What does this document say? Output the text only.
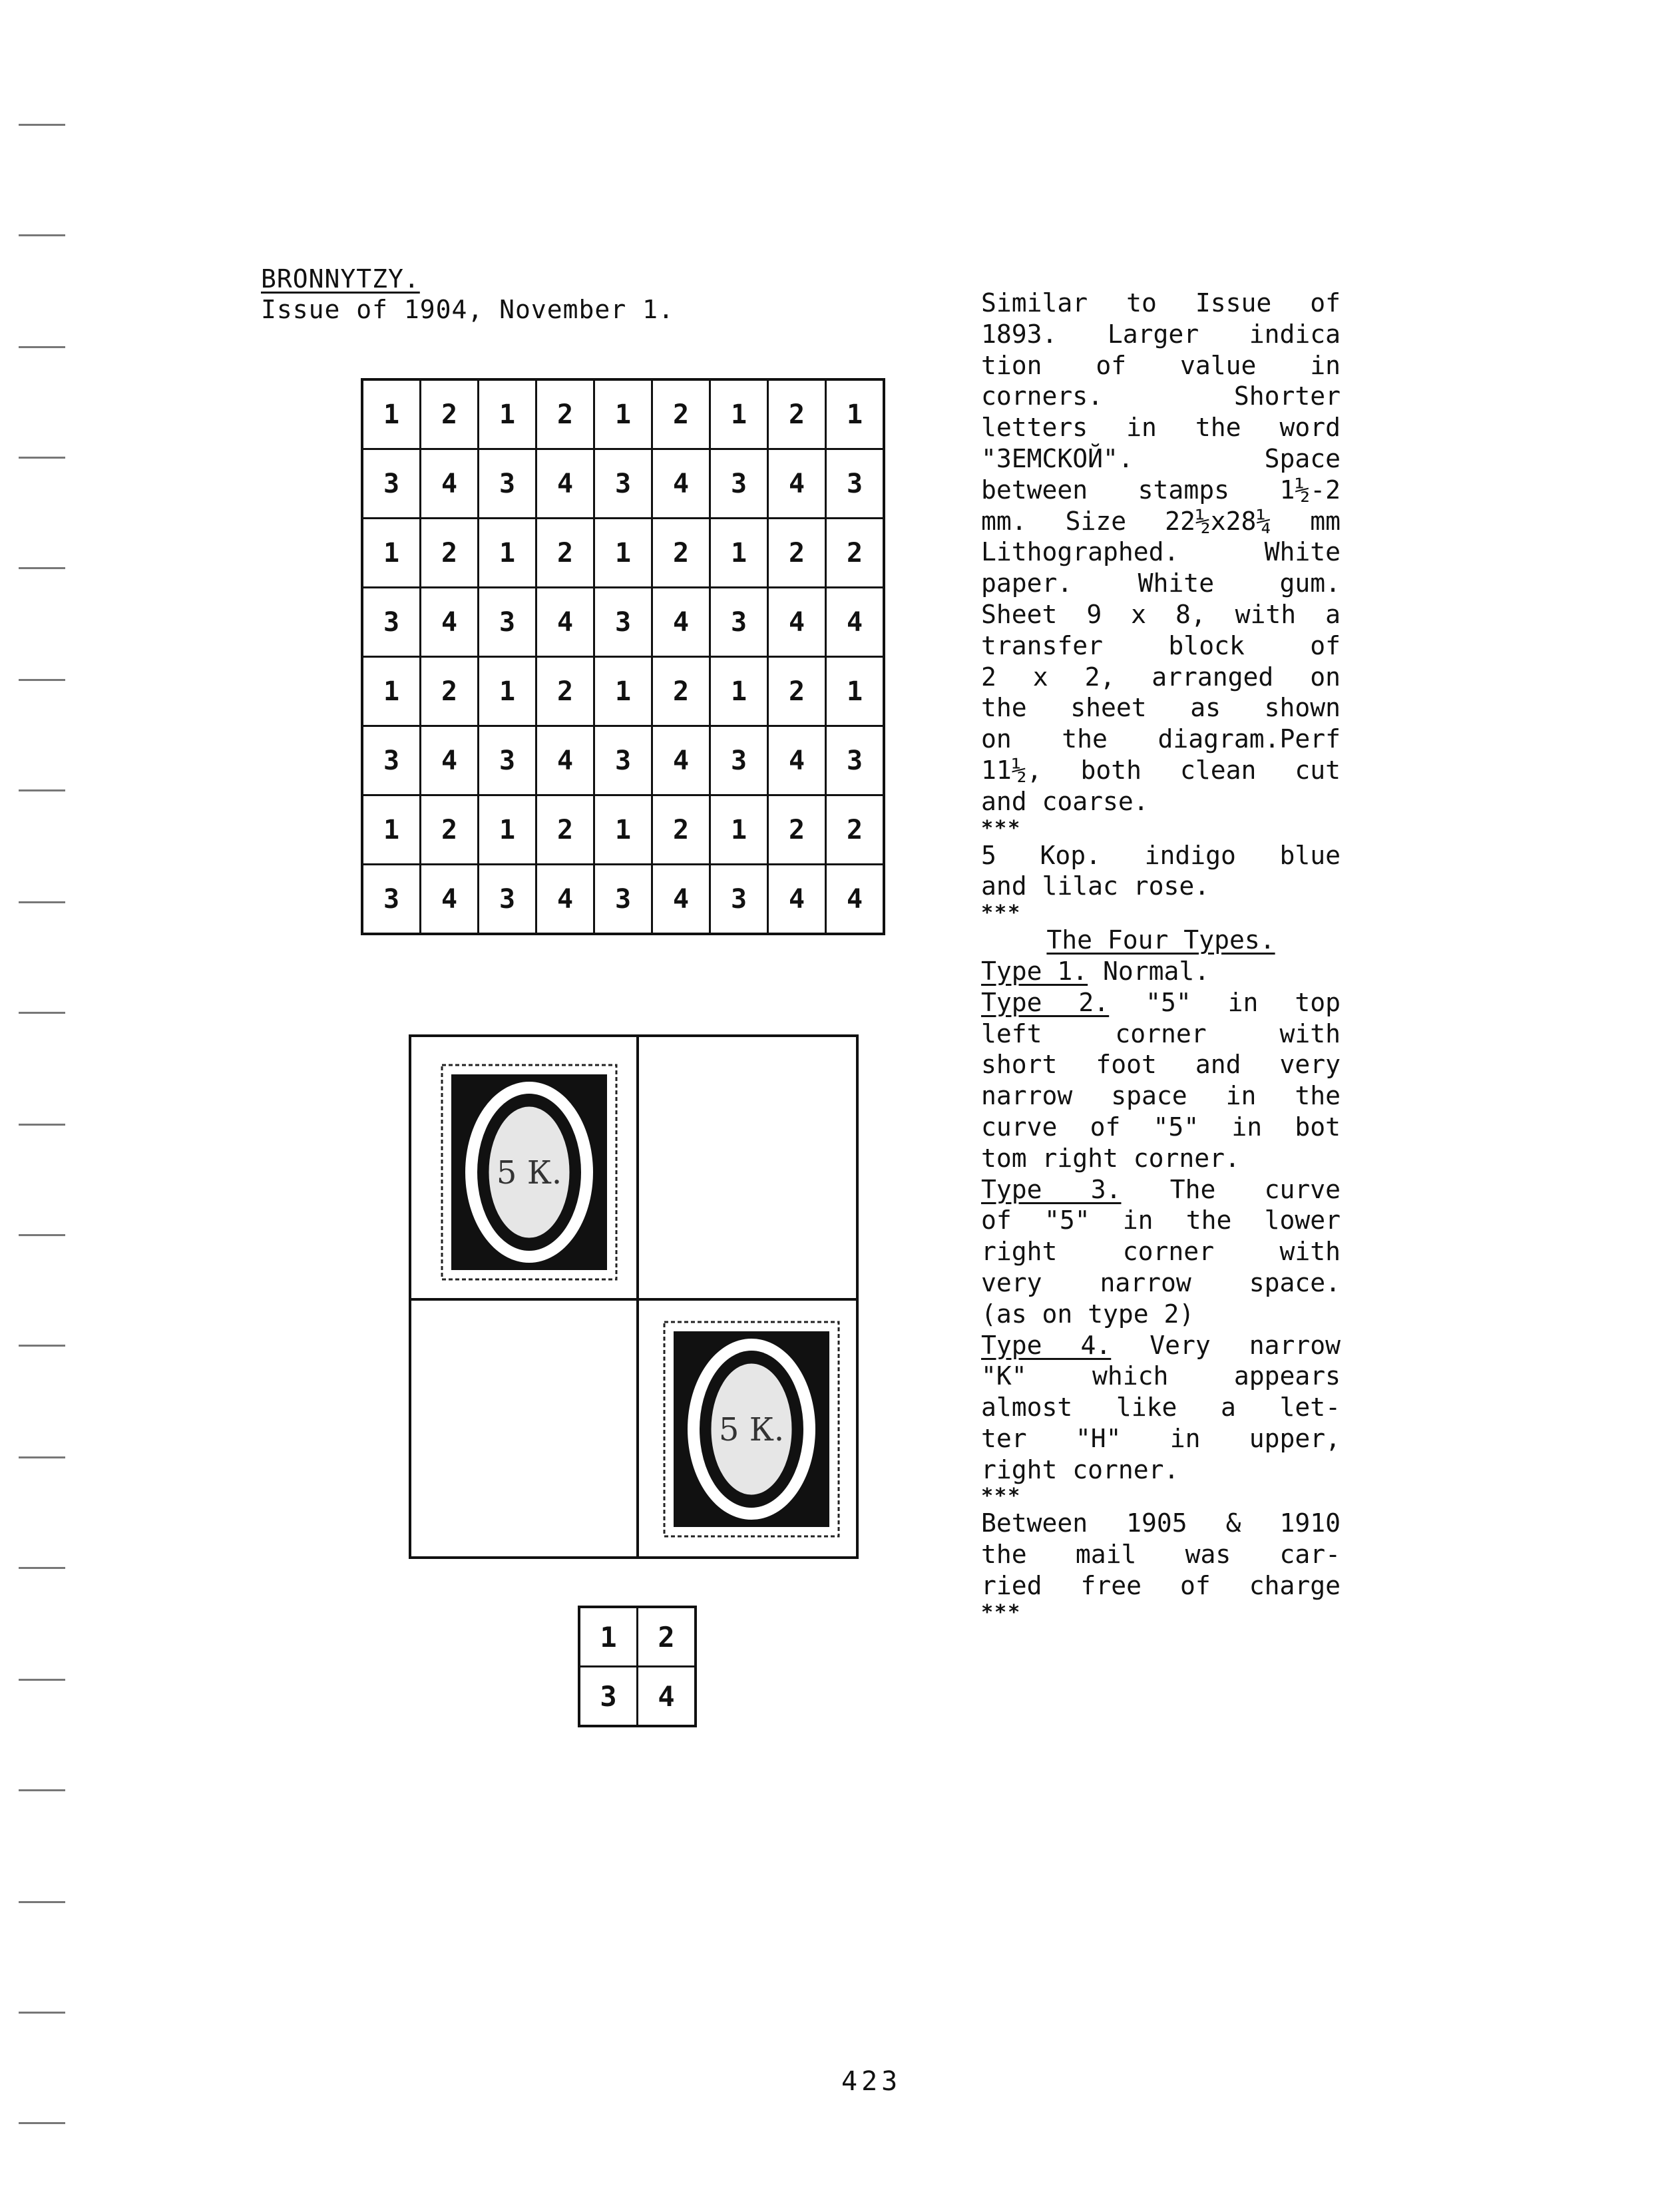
BRONNYTZY.
Issue of 1904, November 1.
1	2	1	2	1	2	1	2	1
3	4	3	4	3	4	3	4	3
1	2	1	2	1	2	1	2	2
3	4	3	4	3	4	3	4	4
1	2	1	2	1	2	1	2	1
3	4	3	4	3	4	3	4	3
1	2	1	2	1	2	1	2	2
3	4	3	4	3	4	3	4	4
5 К.
5 К.
1	2
3	4
Similar to Issue of
1893. Larger indica
tion of value in
corners. Shorter
letters in the word
"ЗЕМСКОЙ". Space
between stamps 1½-2
mm. Size 22½x28¼ mm
Lithographed. White
paper. White gum.
Sheet 9 x 8, with a
transfer block of
2 x 2, arranged on
the sheet as shown
on the diagram.Perf
11½, both clean cut
and coarse.
***
5 Kop. indigo blue
and lilac rose.
***
The Four Types.
Type 1. Normal.
Type 2. "5" in top
left corner with
short foot and very
narrow space in the
curve of "5" in bot
tom right corner.
Type 3. The curve
of "5" in the lower
right corner with
very narrow space.
(as on type 2)
Type 4. Very narrow
"K" which appears
almost like a let-
ter "H" in upper,
right corner.
***
Between 1905 & 1910
the mail was car-
ried free of charge
***
423
